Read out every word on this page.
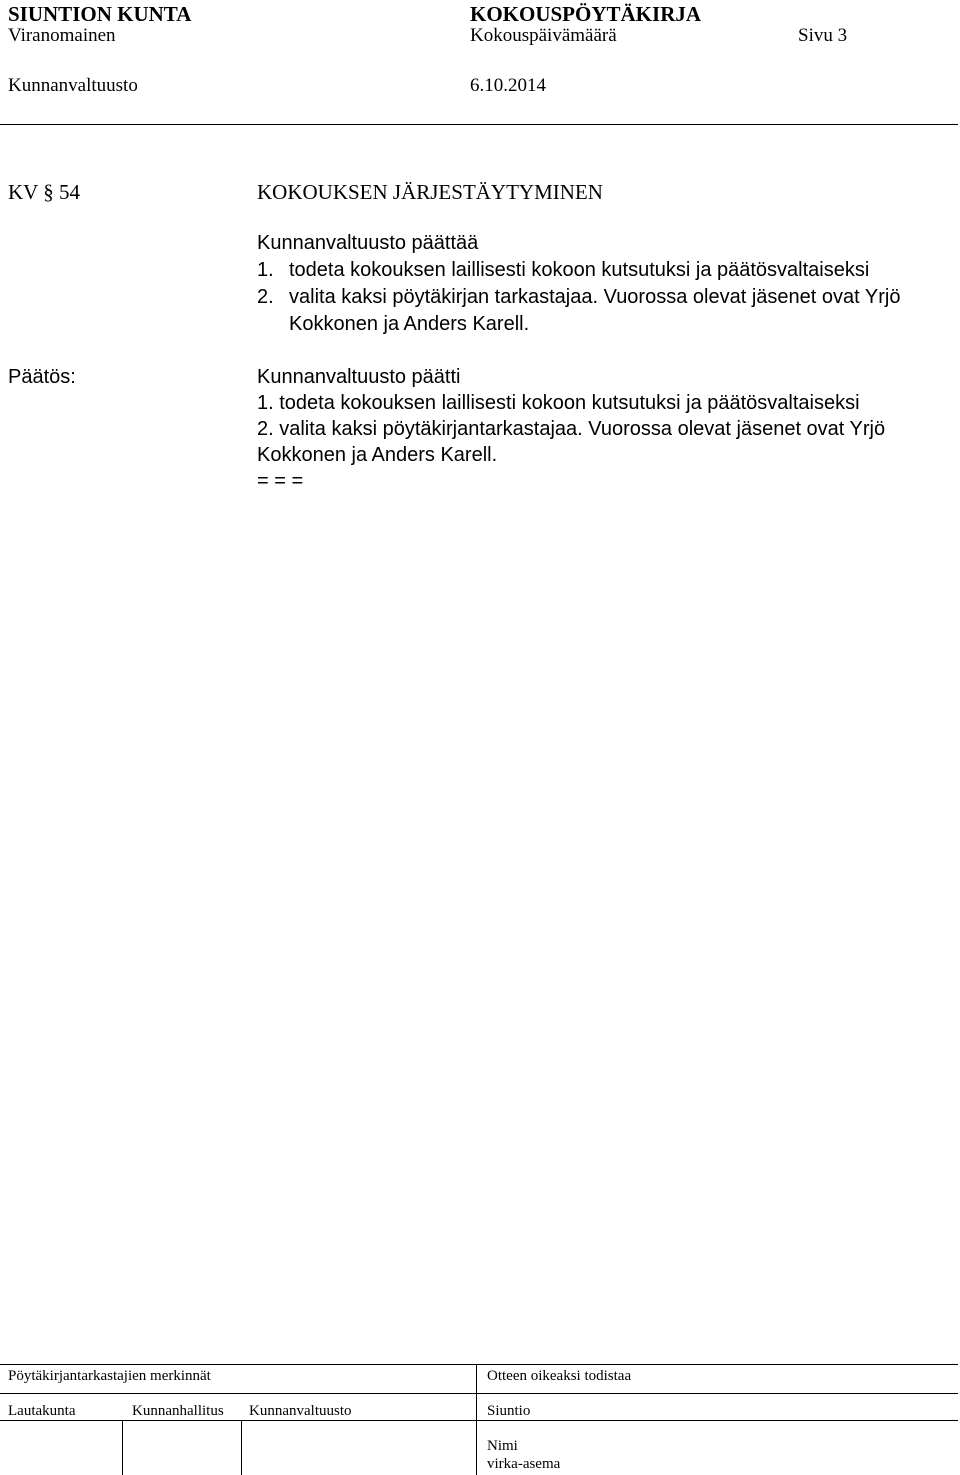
SIUNTION KUNTA	KOKOUSPÖYTÄKIRJA
Viranomainen	Kokouspäivämäärä	Sivu 3
Kunnanvaltuusto	6.10.2014
KV § 54	KOKOUKSEN JÄRJESTÄYTYMINEN
Kunnanvaltuusto päättää
1. todeta kokouksen laillisesti kokoon kutsutuksi ja päätösvaltaiseksi
2. valita kaksi pöytäkirjan tarkastajaa. Vuorossa olevat jäsenet ovat Yrjö
Kokkonen ja Anders Karell.
Päätös:	Kunnanvaltuusto päätti
1. todeta kokouksen laillisesti kokoon kutsutuksi ja päätösvaltaiseksi
2. valita kaksi pöytäkirjantarkastajaa. Vuorossa olevat jäsenet ovat Yrjö
Kokkonen ja Anders Karell.
= = =
Pöytäkirjantarkastajien merkinnät	Otteen oikeaksi todistaa
Lautakunta	Kunnanhallitus Kunnanvaltuusto	Siuntio
Nimi
virka-asema
